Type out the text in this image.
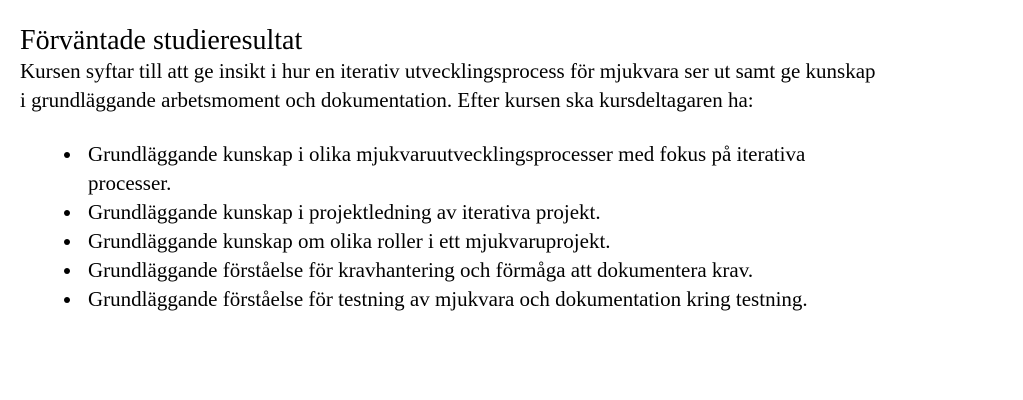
Förväntade studieresultat

Kursen syftar till att ge insikt i hur en iterativ utvecklingsprocess för mjukvara ser ut samt ge kunskap i grundläggande arbetsmoment och dokumentation. Efter kursen ska kursdeltagaren ha:

Grundläggande kunskap i olika mjukvaruutvecklingsprocesser med fokus på iterativa processer.
Grundläggande kunskap i projektledning av iterativa projekt.
Grundläggande kunskap om olika roller i ett mjukvaruprojekt.
Grundläggande förståelse för kravhantering och förmåga att dokumentera krav.
Grundläggande förståelse för testning av mjukvara och dokumentation kring testning.
